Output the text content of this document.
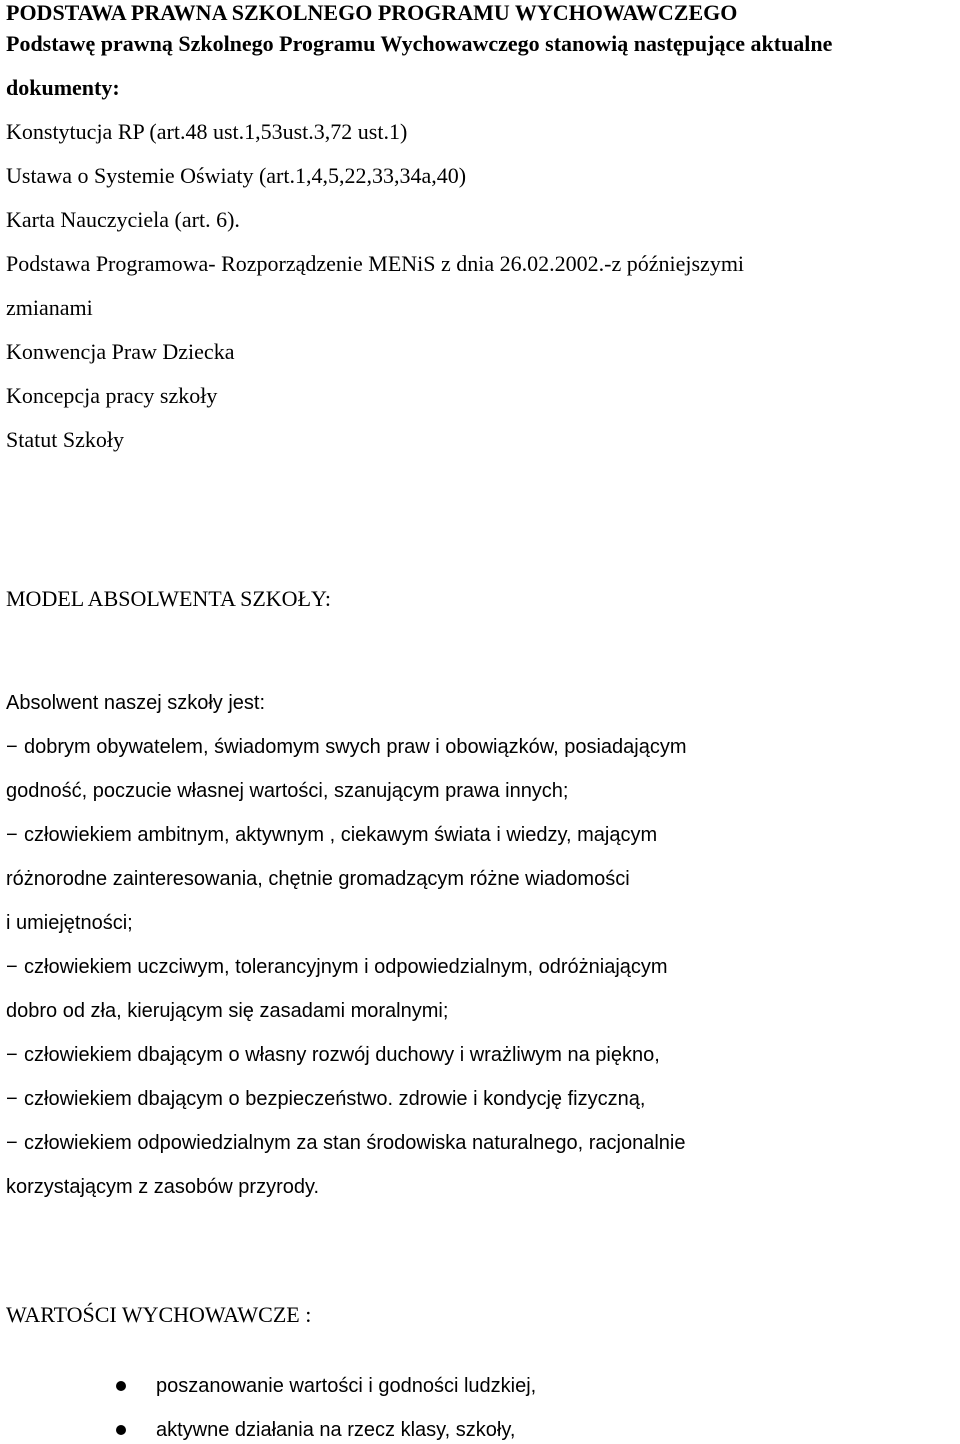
PODSTAWA PRAWNA SZKOLNEGO PROGRAMU WYCHOWAWCZEGO
Podstawę prawną Szkolnego Programu Wychowawczego stanowią następujące aktualne
dokumenty:
Konstytucja RP (art.48 ust.1,53ust.3,72 ust.1)
Ustawa o Systemie Oświaty (art.1,4,5,22,33,34a,40)
Karta Nauczyciela (art. 6).
Podstawa Programowa- Rozporządzenie MENiS z dnia 26.02.2002.-z późniejszymi
zmianami
Konwencja Praw Dziecka
Koncepcja pracy szkoły
Statut Szkoły
MODEL ABSOLWENTA SZKOŁY:
Absolwent naszej szkoły jest:
− dobrym obywatelem, świadomym swych praw i obowiązków, posiadającym
godność, poczucie własnej wartości, szanującym prawa innych;
− człowiekiem ambitnym, aktywnym , ciekawym świata i wiedzy, mającym
różnorodne zainteresowania, chętnie gromadzącym różne wiadomości
i umiejętności;
− człowiekiem uczciwym, tolerancyjnym i odpowiedzialnym, odróżniającym
dobro od zła, kierującym się zasadami moralnymi;
− człowiekiem dbającym o własny rozwój duchowy i wrażliwym na piękno,
− człowiekiem dbającym o bezpieczeństwo. zdrowie i kondycję fizyczną,
− człowiekiem odpowiedzialnym za stan środowiska naturalnego, racjonalnie
korzystającym z zasobów przyrody.
WARTOŚCI WYCHOWAWCZE :
poszanowanie wartości i godności ludzkiej,
aktywne działania na rzecz klasy, szkoły,
